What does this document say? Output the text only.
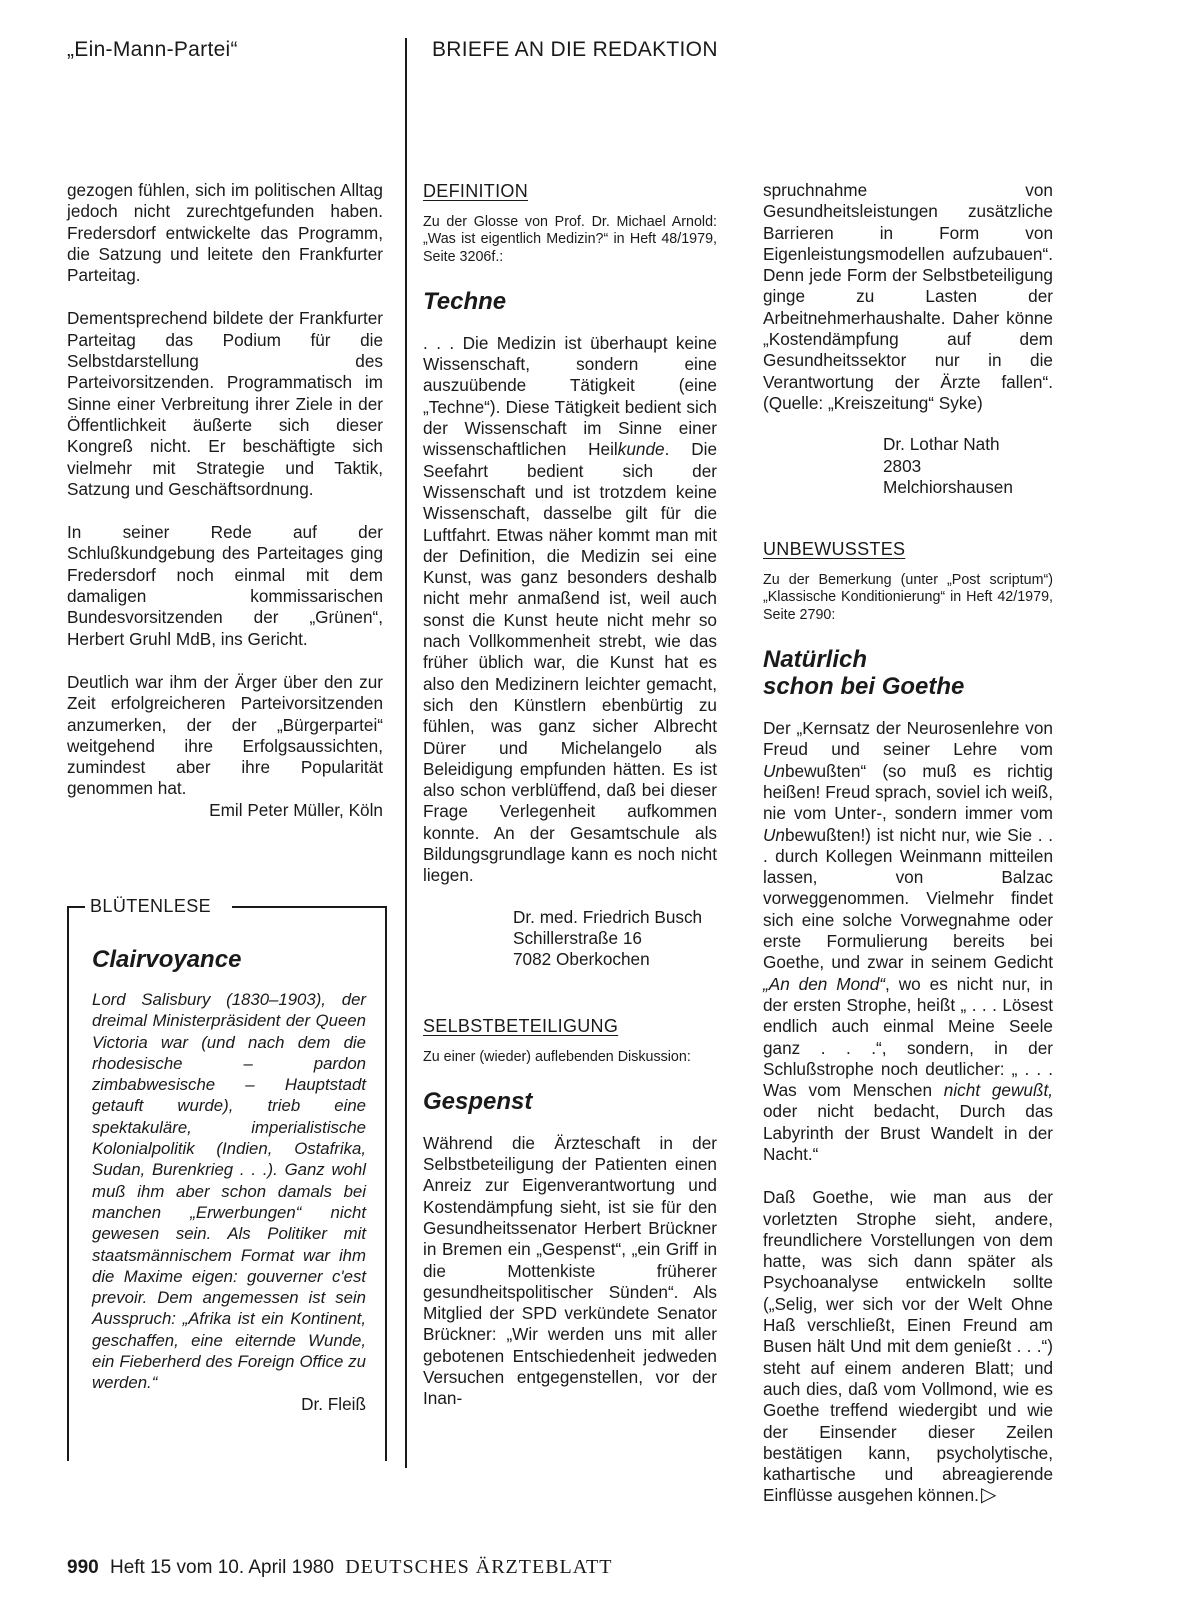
„Ein-Mann-Partei“	BRIEFE AN DIE REDAKTION

gezogen fühlen, sich im politischen Alltag jedoch nicht zurechtgefunden haben. Fredersdorf entwickelte das Programm, die Satzung und leitete den Frankfurter Parteitag.

Dementsprechend bildete der Frankfurter Parteitag das Podium für die Selbstdarstellung des Parteivorsitzenden. Programmatisch im Sinne einer Verbreitung ihrer Ziele in der Öffentlichkeit äußerte sich dieser Kongreß nicht. Er beschäftigte sich vielmehr mit Strategie und Taktik, Satzung und Geschäftsordnung.

In seiner Rede auf der Schlußkundgebung des Parteitages ging Fredersdorf noch einmal mit dem damaligen kommissarischen Bundesvorsitzenden der „Grünen“, Herbert Gruhl MdB, ins Gericht.

Deutlich war ihm der Ärger über den zur Zeit erfolgreicheren Parteivorsitzenden anzumerken, der der „Bürgerpartei“ weitgehend ihre Erfolgsaussichten, zumindest aber ihre Popularität genommen hat.

Emil Peter Müller, Köln

BLÜTENLESE
Clairvoyance

Lord Salisbury (1830–1903), der dreimal Ministerpräsident der Queen Victoria war (und nach dem die rhodesische – pardon zimbabwesische – Hauptstadt getauft wurde), trieb eine spektakuläre, imperialistische Kolonialpolitik (Indien, Ostafrika, Sudan, Burenkrieg . . .). Ganz wohl muß ihm aber schon damals bei manchen „Erwerbungen“ nicht gewesen sein. Als Politiker mit staatsmännischem Format war ihm die Maxime eigen: gouverner c'est prevoir. Dem angemessen ist sein Ausspruch: „Afrika ist ein Kontinent, geschaffen, eine eiternde Wunde, ein Fieberherd des Foreign Office zu werden.“

Dr. Fleiß

DEFINITION

Zu der Glosse von Prof. Dr. Michael Arnold: „Was ist eigentlich Medizin?“ in Heft 48/1979, Seite 3206f.:

Techne

. . . Die Medizin ist überhaupt keine Wissenschaft, sondern eine auszuübende Tätigkeit (eine „Techne“). Diese Tätigkeit bedient sich der Wissenschaft im Sinne einer wissenschaftlichen Heilkunde. Die Seefahrt bedient sich der Wissenschaft und ist trotzdem keine Wissenschaft, dasselbe gilt für die Luftfahrt. Etwas näher kommt man mit der Definition, die Medizin sei eine Kunst, was ganz besonders deshalb nicht mehr anmaßend ist, weil auch sonst die Kunst heute nicht mehr so nach Vollkommenheit strebt, wie das früher üblich war, die Kunst hat es also den Medizinern leichter gemacht, sich den Künstlern ebenbürtig zu fühlen, was ganz sicher Albrecht Dürer und Michelangelo als Beleidigung empfunden hätten. Es ist also schon verblüffend, daß bei dieser Frage Verlegenheit aufkommen konnte. An der Gesamtschule als Bildungsgrundlage kann es noch nicht liegen.

Dr. med. Friedrich Busch

Schillerstraße 16

7082 Oberkochen

SELBSTBETEILIGUNG

Zu einer (wieder) auflebenden Diskussion:

Gespenst

Während die Ärzteschaft in der Selbstbeteiligung der Patienten einen Anreiz zur Eigenverantwortung und Kostendämpfung sieht, ist sie für den Gesundheitssenator Herbert Brückner in Bremen ein „Gespenst“, „ein Griff in die Mottenkiste früherer gesundheitspolitischer Sünden“. Als Mitglied der SPD verkündete Senator Brückner: „Wir werden uns mit aller gebotenen Entschiedenheit jedweden Versuchen entgegenstellen, vor der Inan-

spruchnahme von Gesundheitsleistungen zusätzliche Barrieren in Form von Eigenleistungsmodellen aufzubauen“. Denn jede Form der Selbstbeteiligung ginge zu Lasten der Arbeitnehmerhaushalte. Daher könne „Kostendämpfung auf dem Gesundheitssektor nur in die Verantwortung der Ärzte fallen“. (Quelle: „Kreiszeitung“ Syke)

Dr. Lothar Nath

2803 Melchiorshausen

UNBEWUSSTES

Zu der Bemerkung (unter „Post scriptum“) „Klassische Konditionierung“ in Heft 42/1979, Seite 2790:

Natürlich
schon bei Goethe

Der „Kernsatz der Neurosenlehre von Freud und seiner Lehre vom Unbewußten“ (so muß es richtig heißen! Freud sprach, soviel ich weiß, nie vom Unter-, sondern immer vom Unbewußten!) ist nicht nur, wie Sie . . . durch Kollegen Weinmann mitteilen lassen, von Balzac vorweggenommen. Vielmehr findet sich eine solche Vorwegnahme oder erste Formulierung bereits bei Goethe, und zwar in seinem Gedicht „An den Mond“, wo es nicht nur, in der ersten Strophe, heißt „ . . . Lösest endlich auch einmal Meine Seele ganz . . .“, sondern, in der Schlußstrophe noch deutlicher: „ . . . Was vom Menschen nicht gewußt, oder nicht bedacht, Durch das Labyrinth der Brust Wandelt in der Nacht.“

Daß Goethe, wie man aus der vorletzten Strophe sieht, andere, freundlichere Vorstellungen von dem hatte, was sich dann später als Psychoanalyse entwickeln sollte („Selig, wer sich vor der Welt Ohne Haß verschließt, Einen Freund am Busen hält Und mit dem genießt . . .“) steht auf einem anderen Blatt; und auch dies, daß vom Vollmond, wie es Goethe treffend wiedergibt und wie der Einsender dieser Zeilen bestätigen kann, psycholytische, kathartische und abreagierende Einflüsse ausgehen können. ▷

990 Heft 15 vom 10. April 1980 DEUTSCHES ÄRZTEBLATT
